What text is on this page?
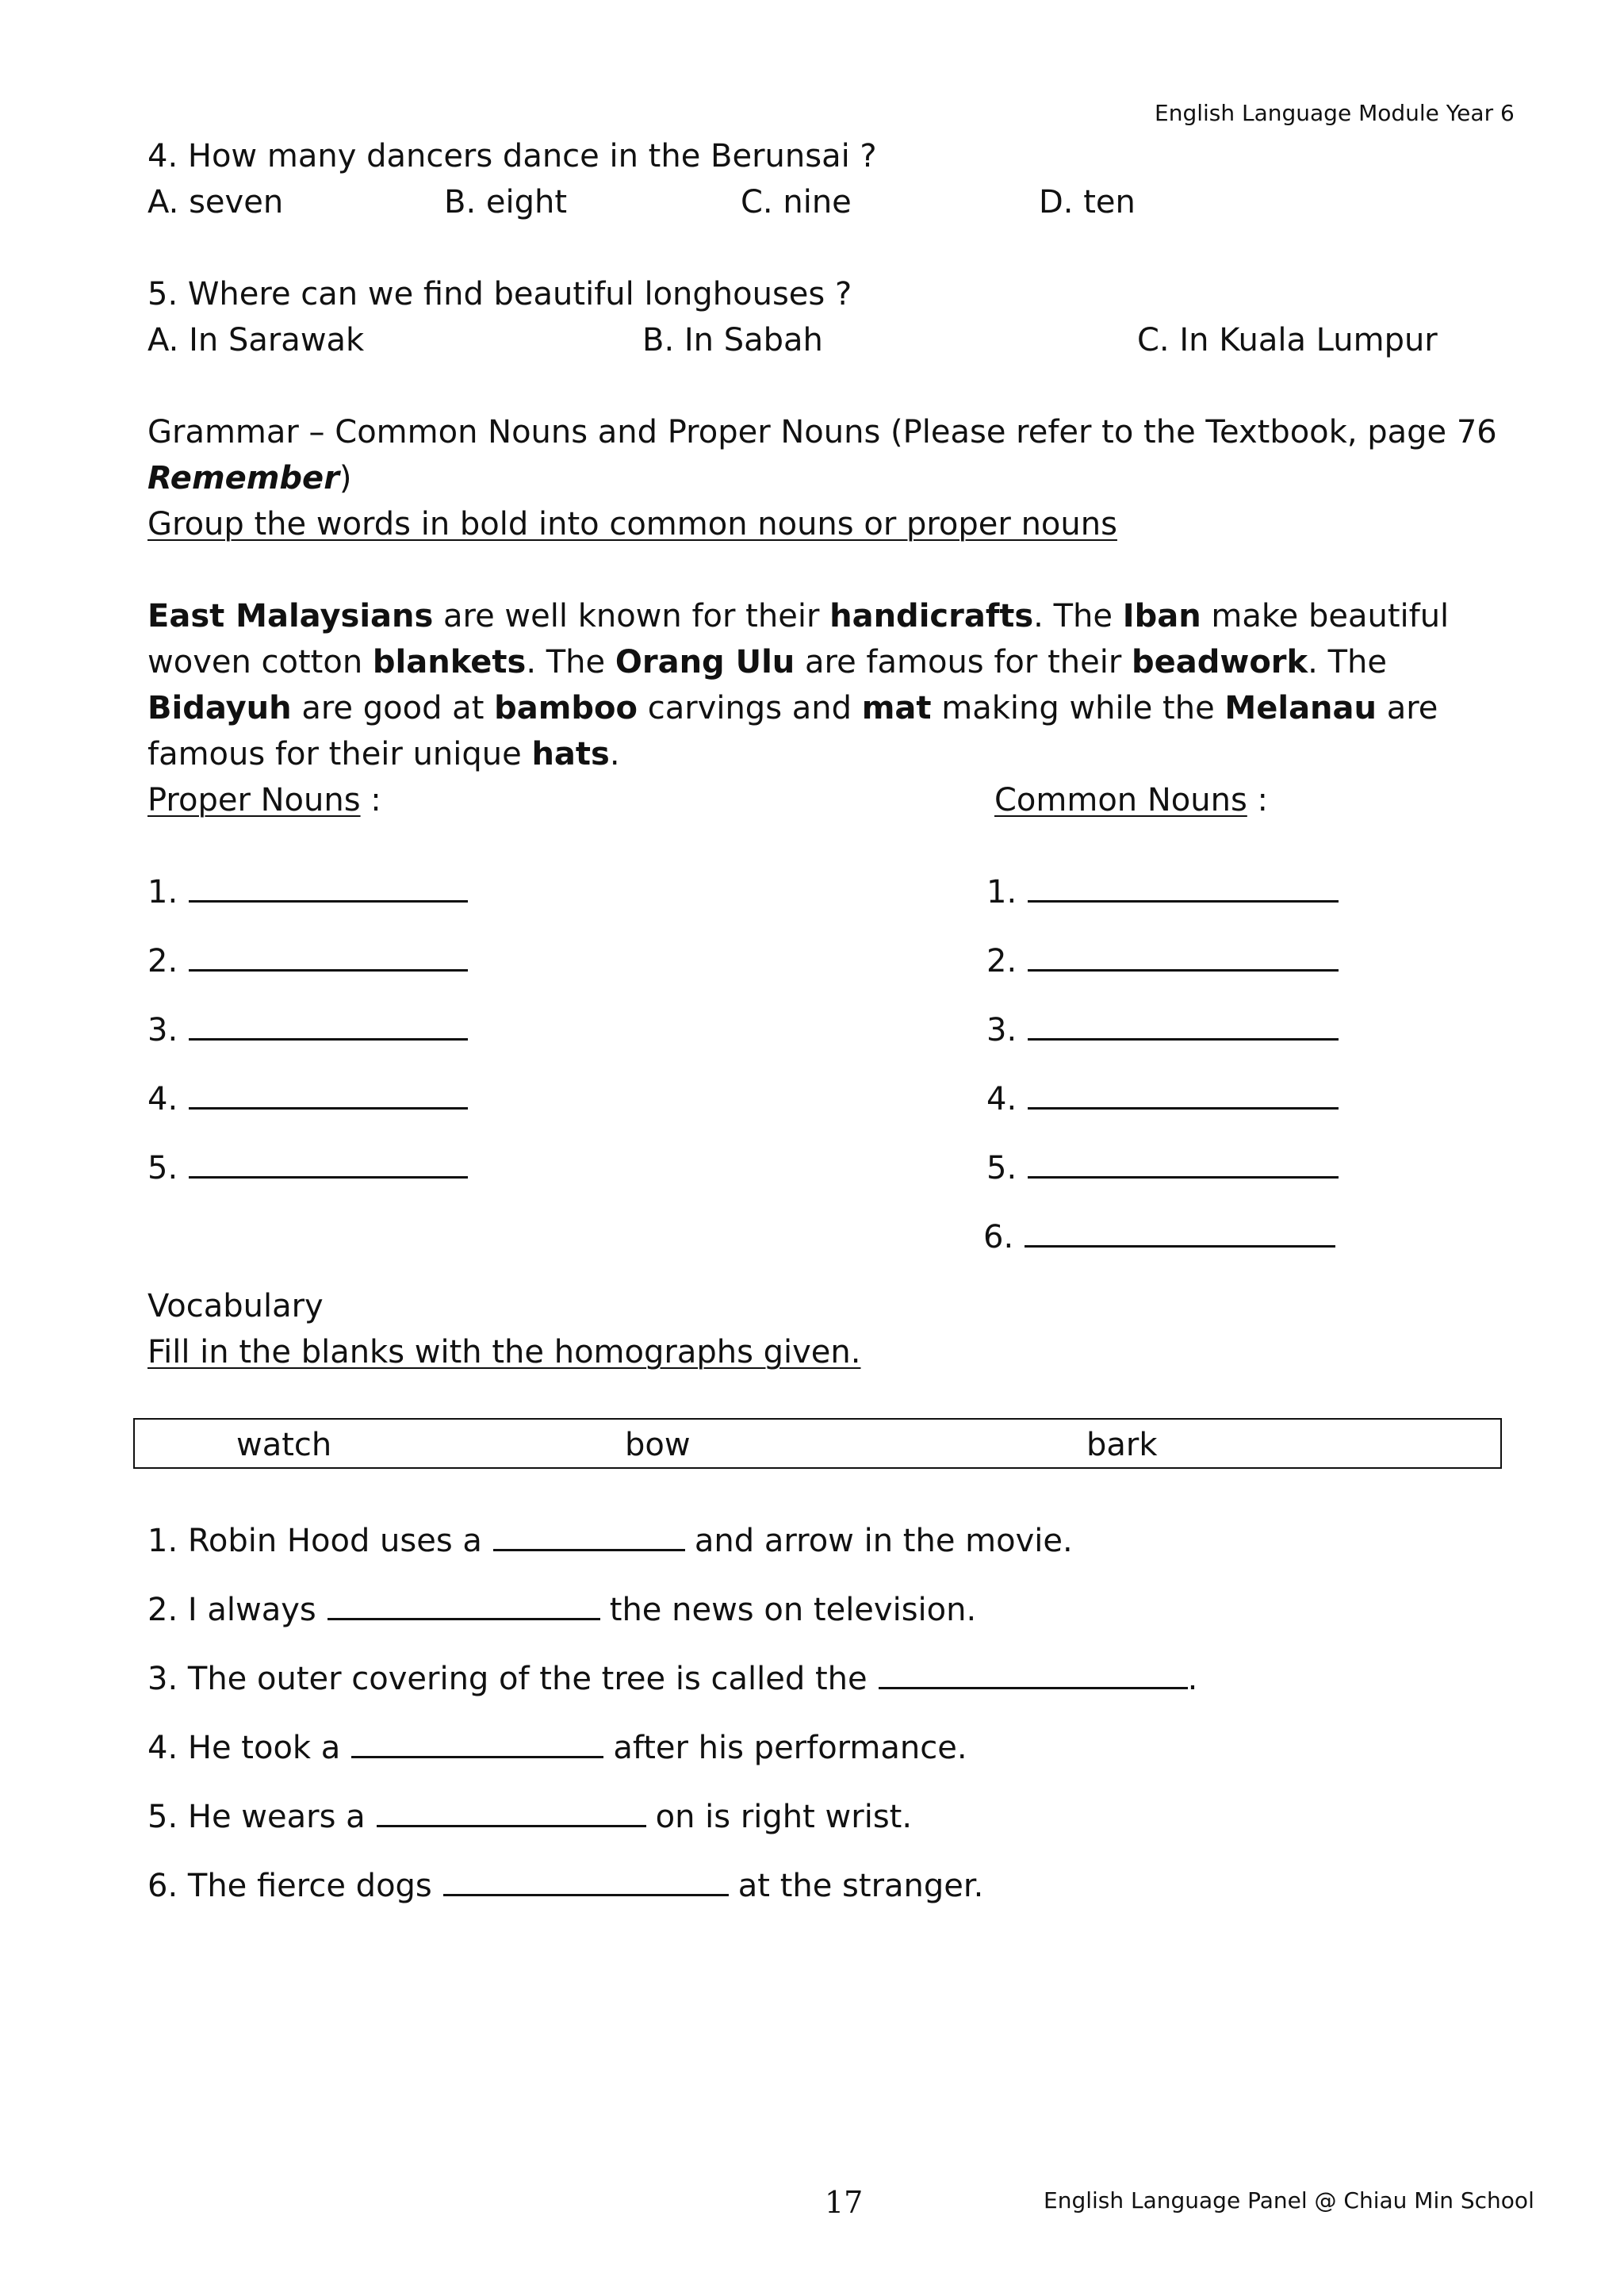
English Language Module Year 6
4. How many dancers dance in the Berunsai ?
A. seven	B. eight	C. nine	D. ten
5. Where can we find beautiful longhouses ?
A. In Sarawak	B. In Sabah	C. In Kuala Lumpur
Grammar – Common Nouns and Proper Nouns (Please refer to the Textbook, page 76
Remember)
Group the words in bold into common nouns or proper nouns
East Malaysians are well known for their handicrafts. The Iban make beautiful woven cotton blankets. The Orang Ulu are famous for their beadwork. The Bidayuh are good at bamboo carvings and mat making while the Melanau are famous for their unique hats.
Proper Nouns :	Common Nouns :
1.
2.
3.
4.
5.
1.
2.
3.
4.
5.
6.
Vocabulary
Fill in the blanks with the homographs given.
watch	bow	bark
1. Robin Hood uses a	and arrow in the movie.
2. I always	the news on television.
3. The outer covering of the tree is called the	.
4. He took a	after his performance.
5. He wears a	on is right wrist.
6. The fierce dogs	at the stranger.
17	English Language Panel @ Chiau Min School
